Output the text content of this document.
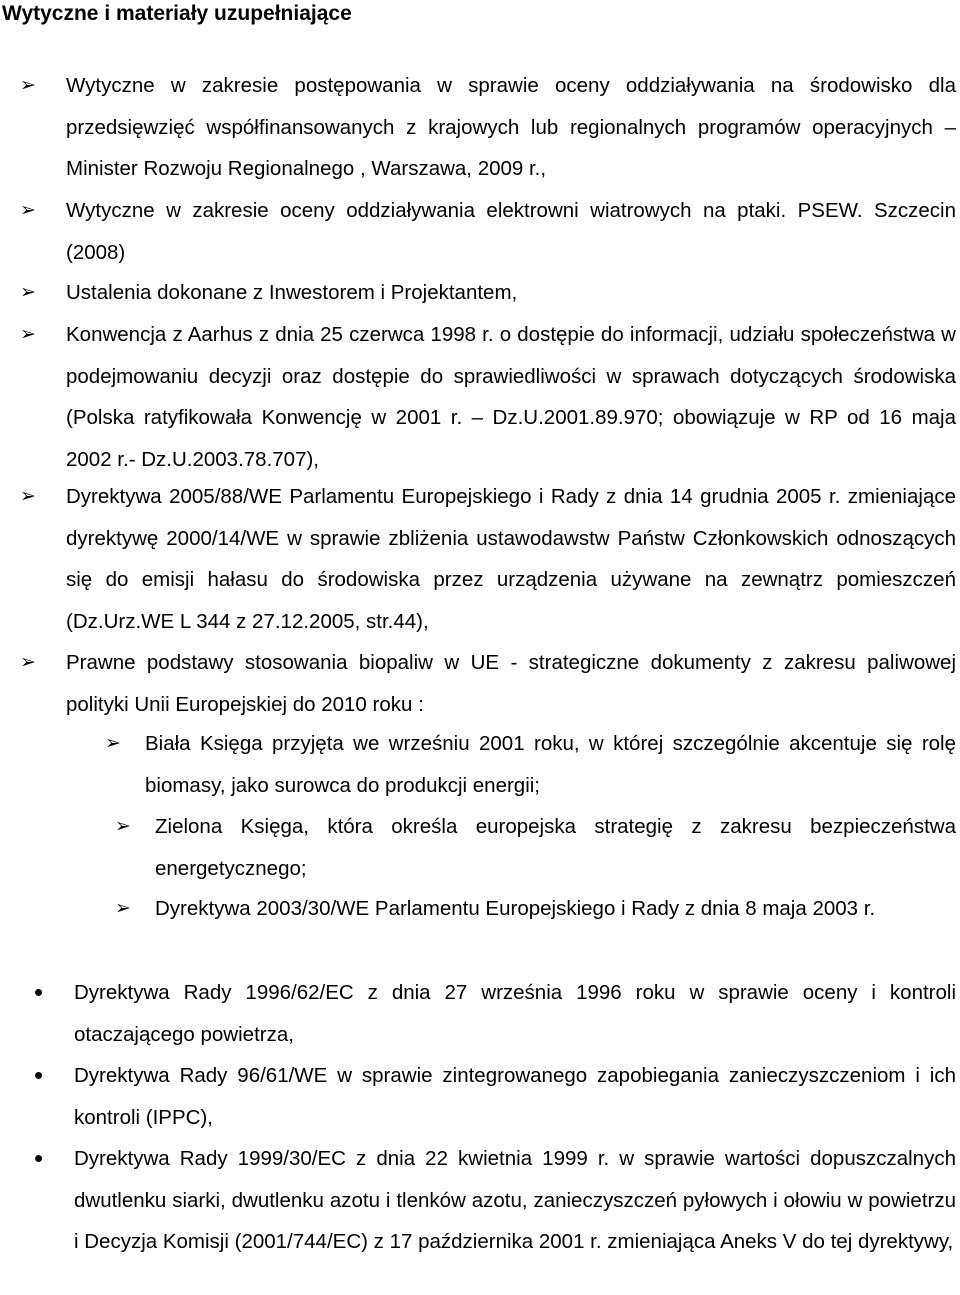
Wytyczne i materiały uzupełniające
➢ Wytyczne w zakresie postępowania w sprawie oceny oddziaływania na środowisko dla przedsięwzięć współfinansowanych z krajowych lub regionalnych programów operacyjnych – Minister Rozwoju Regionalnego , Warszawa, 2009 r.,
➢ Wytyczne w zakresie oceny oddziaływania elektrowni wiatrowych na ptaki. PSEW. Szczecin (2008)
➢ Ustalenia dokonane z Inwestorem i Projektantem,
➢ Konwencja z Aarhus z dnia 25 czerwca 1998 r. o dostępie do informacji, udziału społeczeństwa w podejmowaniu decyzji oraz dostępie do sprawiedliwości w sprawach dotyczących środowiska (Polska ratyfikowała Konwencję w 2001 r. – Dz.U.2001.89.970; obowiązuje w RP od 16 maja 2002 r.- Dz.U.2003.78.707),
➢ Dyrektywa 2005/88/WE Parlamentu Europejskiego i Rady z dnia 14 grudnia 2005 r. zmieniające dyrektywę 2000/14/WE w sprawie zbliżenia ustawodawstw Państw Członkowskich odnoszących się do emisji hałasu do środowiska przez urządzenia używane na zewnątrz pomieszczeń (Dz.Urz.WE L 344 z 27.12.2005, str.44),
➢ Prawne podstawy stosowania biopaliw w UE - strategiczne dokumenty z zakresu paliwowej polityki Unii Europejskiej do 2010 roku :
➢ Biała Księga przyjęta we wrześniu 2001 roku, w której szczególnie akcentuje się rolę biomasy, jako surowca do produkcji energii;
➢ Zielona Księga, która określa europejska strategię z zakresu bezpieczeństwa energetycznego;
➢ Dyrektywa 2003/30/WE Parlamentu Europejskiego i Rady z dnia 8 maja 2003 r.
• Dyrektywa Rady 1996/62/EC z dnia 27 września 1996 roku w sprawie oceny i kontroli otaczającego powietrza,
• Dyrektywa Rady 96/61/WE w sprawie zintegrowanego zapobiegania zanieczyszczeniom i ich kontroli (IPPC),
• Dyrektywa Rady 1999/30/EC z dnia 22 kwietnia 1999 r. w sprawie wartości dopuszczalnych dwutlenku siarki, dwutlenku azotu i tlenków azotu, zanieczyszczeń pyłowych i ołowiu w powietrzu i Decyzja Komisji (2001/744/EC) z 17 października 2001 r. zmieniająca Aneks V do tej dyrektywy,
